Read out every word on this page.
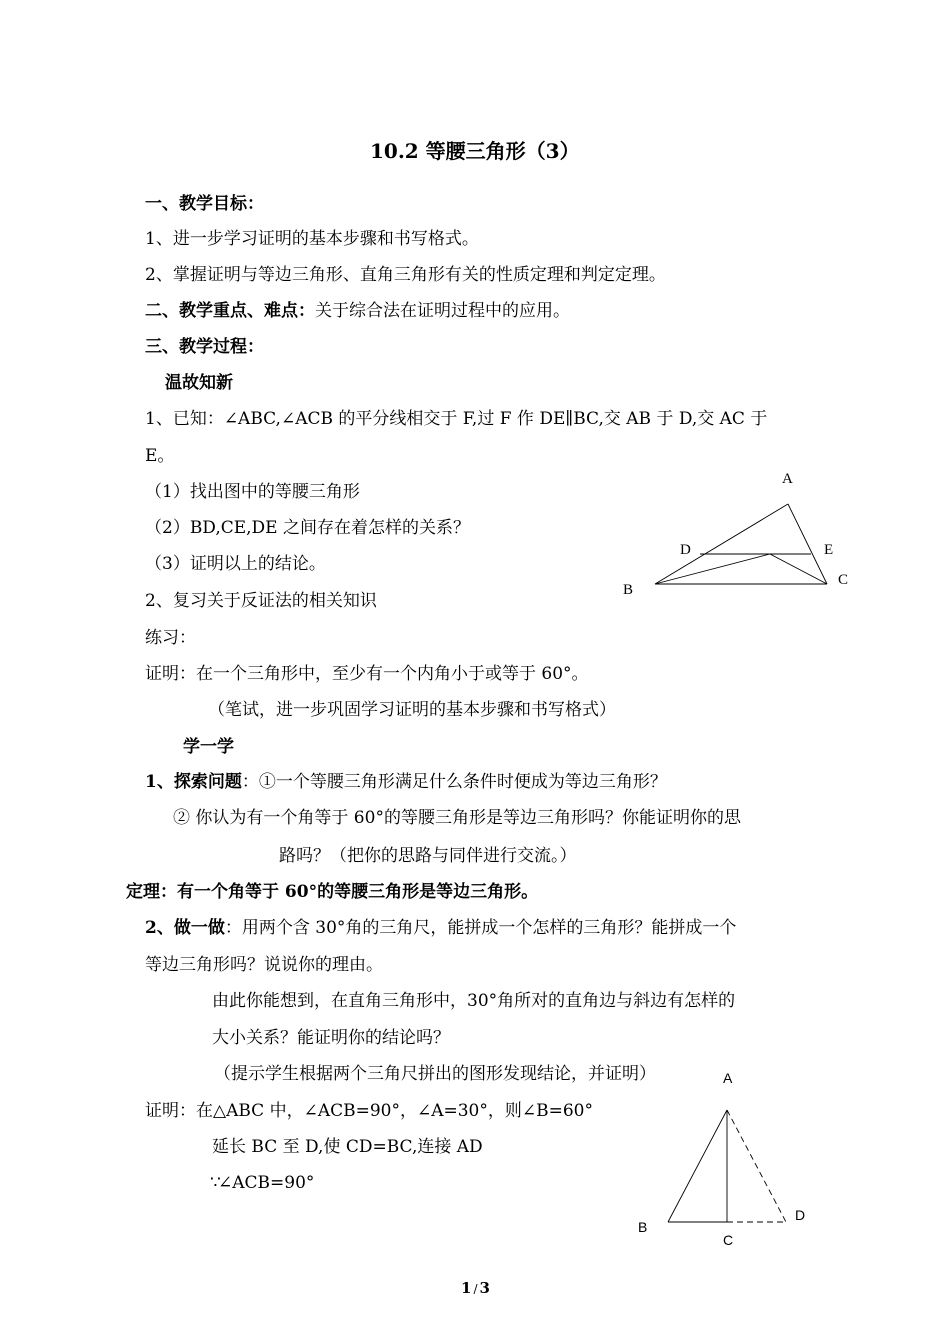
10.2 等腰三角形（3）
一、教学目标：
1、进一步学习证明的基本步骤和书写格式。
2、掌握证明与等边三角形、直角三角形有关的性质定理和判定定理。
二、教学重点、难点：关于综合法在证明过程中的应用。
三、教学过程：
温故知新
1、已知：∠ABC,∠ACB 的平分线相交于 F,过 F 作 DE∥BC,交 AB 于 D,交 AC 于
E。
（1）找出图中的等腰三角形
（2）BD,CE,DE 之间存在着怎样的关系？
（3）证明以上的结论。
2、复习关于反证法的相关知识
练习：
证明：在一个三角形中，至少有一个内角小于或等于 60°。
（笔试，进一步巩固学习证明的基本步骤和书写格式）
A
D	E
B
C
学一学
1、探索问题：①一个等腰三角形满足什么条件时便成为等边三角形？
② 你认为有一个角等于 60°的等腰三角形是等边三角形吗？你能证明你的思
路吗？（把你的思路与同伴进行交流。）
定理：有一个角等于 60°的等腰三角形是等边三角形。
2、做一做：用两个含 30°角的三角尺，能拼成一个怎样的三角形？能拼成一个
等边三角形吗？说说你的理由。
由此你能想到，在直角三角形中，30°角所对的直角边与斜边有怎样的
大小关系？能证明你的结论吗？
（提示学生根据两个三角尺拼出的图形发现结论，并证明）
证明：在△ABC 中，∠ACB=90°，∠A=30°，则∠B=60°
延长 BC 至 D,使 CD=BC,连接 AD
∵
∠ACB=90°
A
B
C
D
1 / 3
